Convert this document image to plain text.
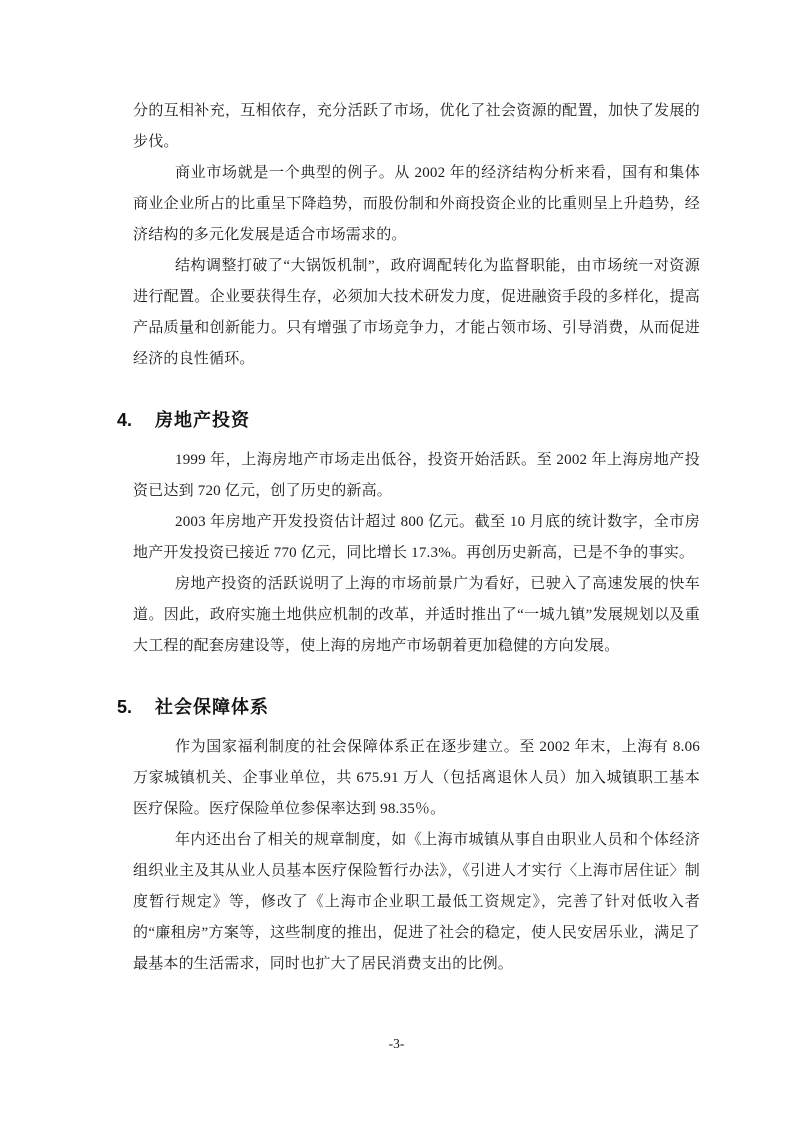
分的互相补充，互相依存，充分活跃了市场，优化了社会资源的配置，加快了发展的步伐。

商业市场就是一个典型的例子。从 2002 年的经济结构分析来看，国有和集体商业企业所占的比重呈下降趋势，而股份制和外商投资企业的比重则呈上升趋势，经济结构的多元化发展是适合市场需求的。

结构调整打破了“大锅饭机制”，政府调配转化为监督职能，由市场统一对资源进行配置。企业要获得生存，必须加大技术研发力度，促进融资手段的多样化，提高产品质量和创新能力。只有增强了市场竞争力，才能占领市场、引导消费，从而促进经济的良性循环。

4.	房地产投资

1999 年，上海房地产市场走出低谷，投资开始活跃。至 2002 年上海房地产投资已达到 720 亿元，创了历史的新高。

2003 年房地产开发投资估计超过 800 亿元。截至 10 月底的统计数字，全市房地产开发投资已接近 770 亿元，同比增长 17.3%。再创历史新高，已是不争的事实。

房地产投资的活跃说明了上海的市场前景广为看好，已驶入了高速发展的快车道。因此，政府实施土地供应机制的改革，并适时推出了“一城九镇”发展规划以及重大工程的配套房建设等，使上海的房地产市场朝着更加稳健的方向发展。

5.	社会保障体系

作为国家福利制度的社会保障体系正在逐步建立。至 2002 年末，上海有 8.06 万家城镇机关、企事业单位，共 675.91 万人（包括离退休人员）加入城镇职工基本医疗保险。医疗保险单位参保率达到 98.35％。

年内还出台了相关的规章制度，如《上海市城镇从事自由职业人员和个体经济组织业主及其从业人员基本医疗保险暂行办法》，《引进人才实行〈上海市居住证〉制度暂行规定》等，修改了《上海市企业职工最低工资规定》，完善了针对低收入者的“廉租房”方案等，这些制度的推出，促进了社会的稳定，使人民安居乐业，满足了最基本的生活需求，同时也扩大了居民消费支出的比例。

-3-
